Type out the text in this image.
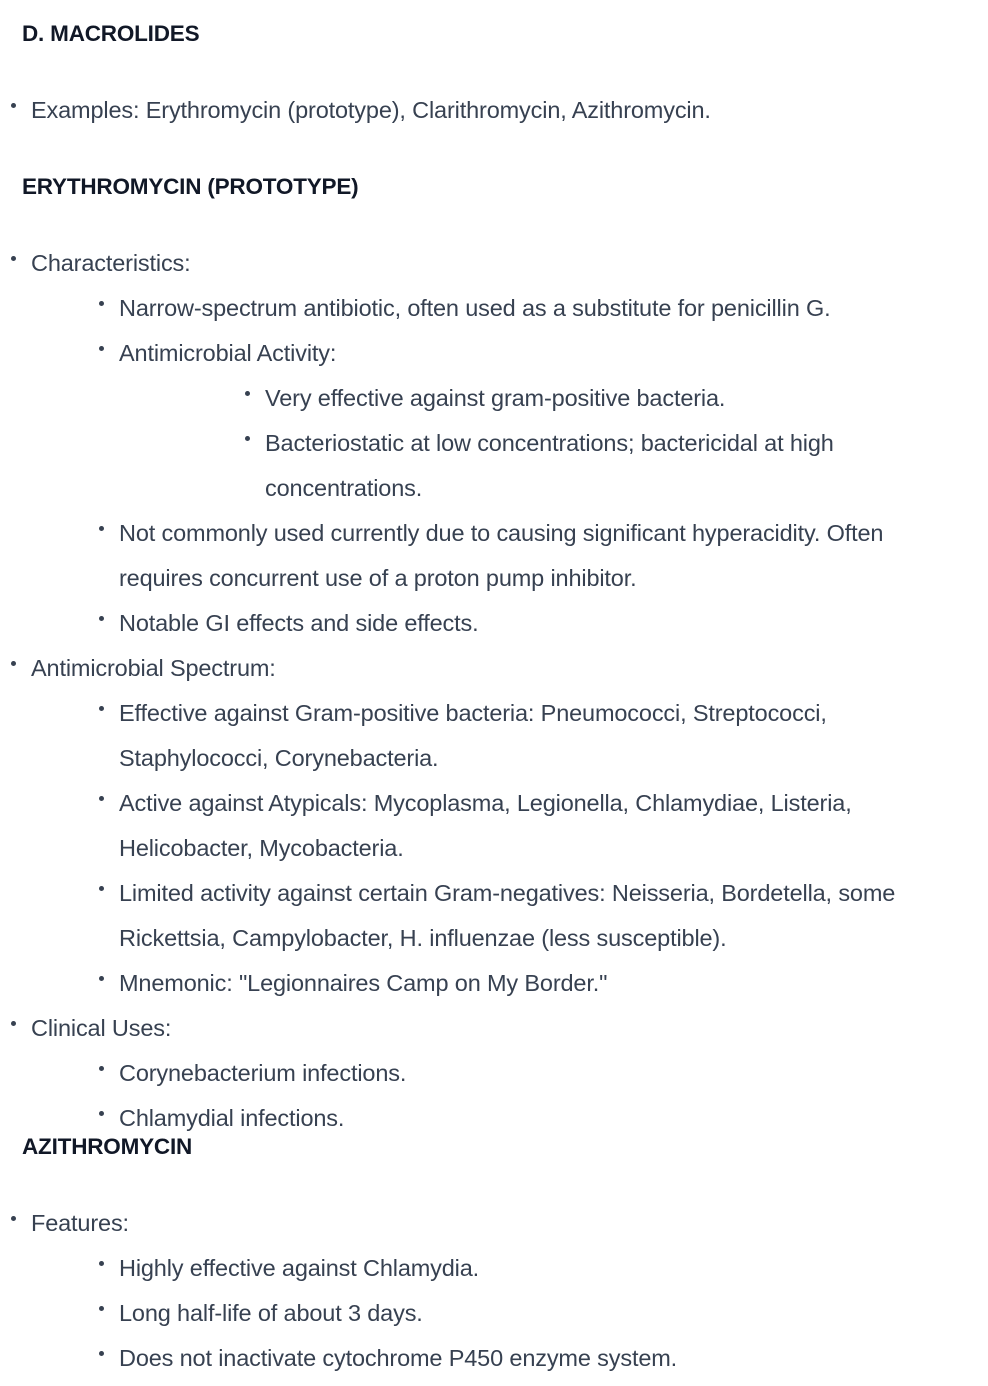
D. MACROLIDES
Examples: Erythromycin (prototype), Clarithromycin, Azithromycin.
ERYTHROMYCIN (PROTOTYPE)
Characteristics:
Narrow-spectrum antibiotic, often used as a substitute for penicillin G.
Antimicrobial Activity:
Very effective against gram-positive bacteria.
Bacteriostatic at low concentrations; bactericidal at high concentrations.
Not commonly used currently due to causing significant hyperacidity. Often
requires concurrent use of a proton pump inhibitor.
Notable GI effects and side effects.
Antimicrobial Spectrum:
Effective against Gram-positive bacteria: Pneumococci, Streptococci,
Staphylococci, Corynebacteria.
Active against Atypicals: Mycoplasma, Legionella, Chlamydiae, Listeria,
Helicobacter, Mycobacteria.
Limited activity against certain Gram-negatives: Neisseria, Bordetella, some
Rickettsia, Campylobacter, H. influenzae (less susceptible).
Mnemonic: "Legionnaires Camp on My Border."
Clinical Uses:
Corynebacterium infections.
Chlamydial infections.
AZITHROMYCIN
Features:
Highly effective against Chlamydia.
Long half-life of about 3 days.
Does not inactivate cytochrome P450 enzyme system.
